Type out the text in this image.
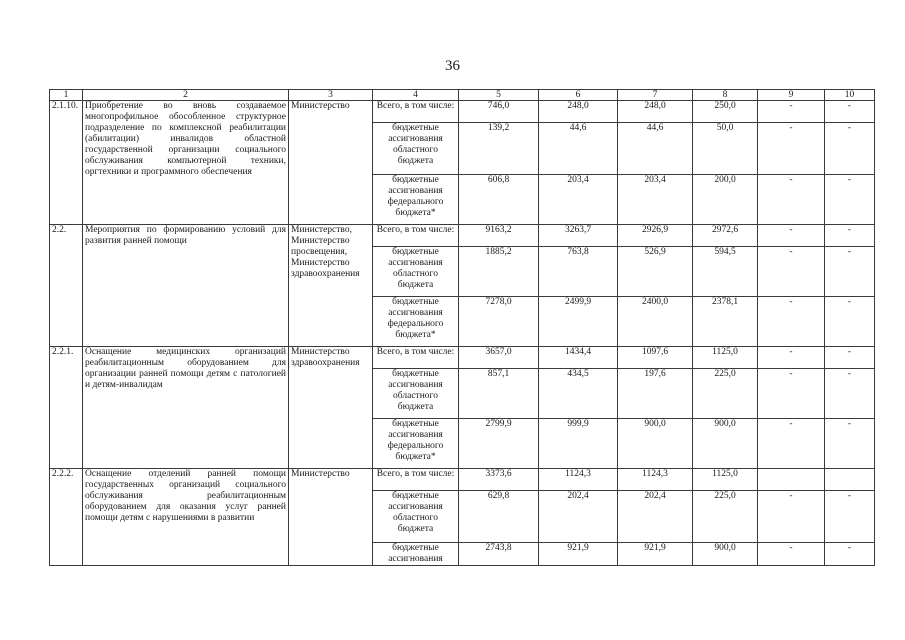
36
1	2	3	4	5	6	7	8	9	10
2.1.10.	Приобретение во вновь создаваемое многопрофильное обособленное структурное подразделение по комплексной реабилитации (абилитации) инвалидов областной государственной организации социального обслуживания компьютерной техники, оргтехники и программного обеспечения	Министерство	Всего, в том числе:	746,0	248,0	248,0	250,0	-	-
			бюджетные ассигнования областного бюджета	139,2	44,6	44,6	50,0	-	-
			бюджетные ассигнования федерального бюджета*	606,8	203,4	203,4	200,0	-	-
2.2.	Мероприятия по формированию условий для развития ранней помощи	Министерство, Министерство просвещения, Министерство здравоохранения	Всего, в том числе:	9163,2	3263,7	2926,9	2972,6	-	-
			бюджетные ассигнования областного бюджета	1885,2	763,8	526,9	594,5	-	-
			бюджетные ассигнования федерального бюджета*	7278,0	2499,9	2400,0	2378,1	-	-
2.2.1.	Оснащение медицинских организаций реабилитационным оборудованием для организации ранней помощи детям с патологией и детям-инвалидам	Министерство здравоохранения	Всего, в том числе:	3657,0	1434,4	1097,6	1125,0	-	-
			бюджетные ассигнования областного бюджета	857,1	434,5	197,6	225,0	-	-
			бюджетные ассигнования федерального бюджета*	2799,9	999,9	900,0	900,0	-	-
2.2.2.	Оснащение отделений ранней помощи государственных организаций социального обслуживания реабилитационным оборудованием для оказания услуг ранней помощи детям с нарушениями в развитии	Министерство	Всего, в том числе:	3373,6	1124,3	1124,3	1125,0		
			бюджетные ассигнования областного бюджета	629,8	202,4	202,4	225,0	-	-
			бюджетные ассигнования	2743,8	921,9	921,9	900,0	-	-
